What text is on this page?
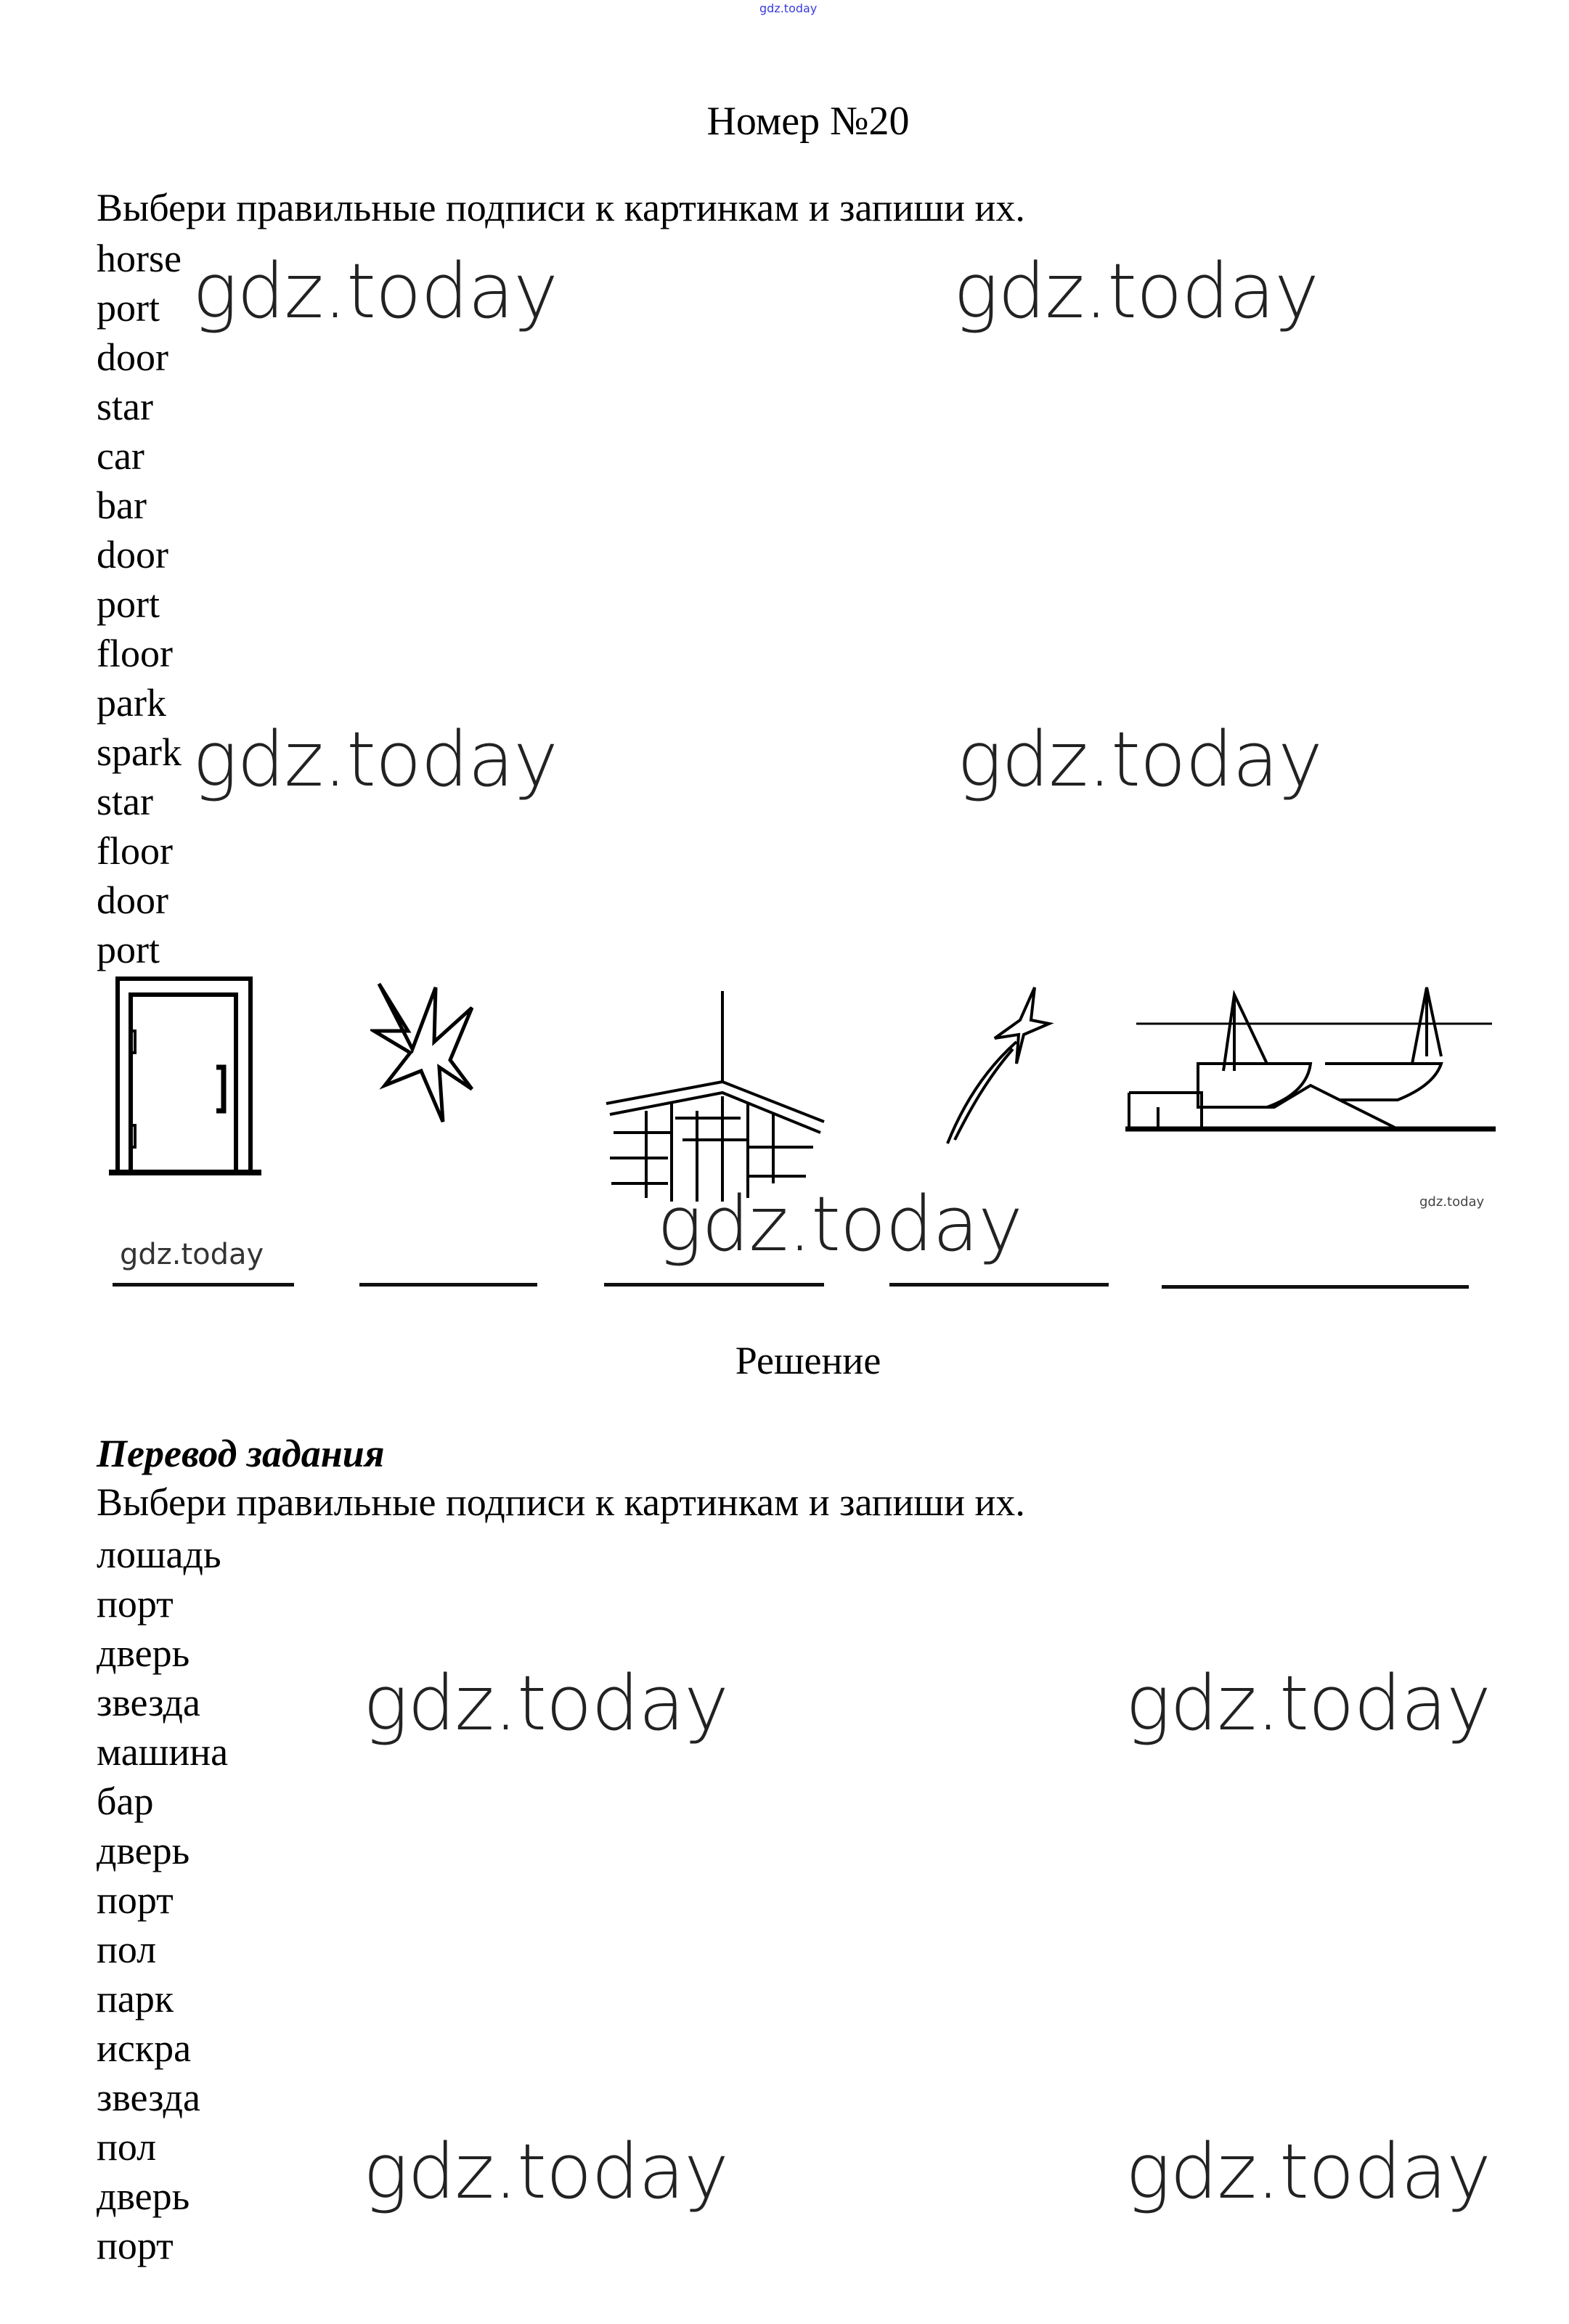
gdz.today
Номер №20
Выбери правильные подписи к картинкам и запиши их.
horse
port
door
star
car
bar
door
port
floor
park
spark
star
floor
door
port
gdz.today	gdz.today
gdz.today	gdz.today
gdz.today
gdz.today	gdz.today
Решение
Перевод задания
Выбери правильные подписи к картинкам и запиши их.
лошадь
порт
дверь
звезда
машина
бар
дверь
порт
пол
парк
искра
звезда
пол
дверь
порт
gdz.today	gdz.today
gdz.today	gdz.today
